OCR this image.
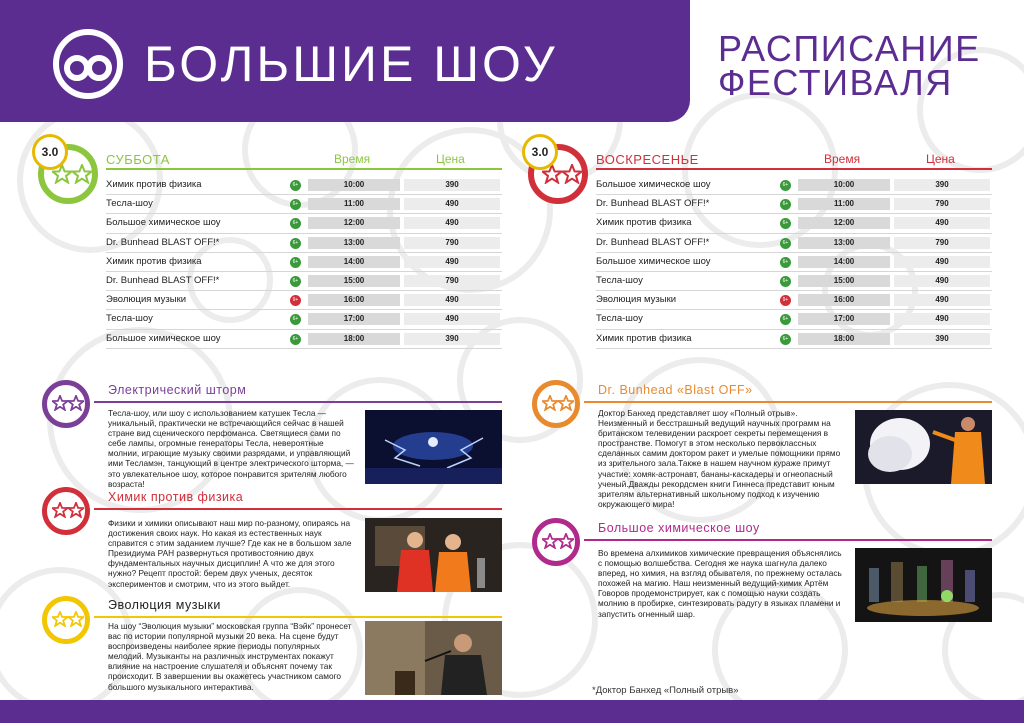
БОЛЬШИЕ ШОУ	РАСПИСАНИЕ
ФЕСТИВАЛЯ
3.0	СУББОТА	Время	Цена
Химик против физика	6+	10:00	390
Тесла-шоу	6+	11:00	490
Большое химическое шоу	6+	12:00	490
Dr. Bunhead BLAST OFF!*	6+	13:00	790
Химик против физика	6+	14:00	490
Dr. Bunhead BLAST OFF!*	6+	15:00	790
Эволюция музыки	9+	16:00	490
Тесла-шоу	6+	17:00	490
Большое химическое шоу	6+	18:00	390
3.0	ВОСКРЕСЕНЬЕ	Время	Цена
Большое химическое шоу	6+	10:00	390
Dr. Bunhead BLAST OFF!*	6+	11:00	790
Химик против физика	6+	12:00	490
Dr. Bunhead BLAST OFF!*	6+	13:00	790
Большое химическое шоу	6+	14:00	490
Тесла-шоу	6+	15:00	490
Эволюция музыки	9+	16:00	490
Тесла-шоу	6+	17:00	490
Химик против физика	6+	18:00	390
Электрический шторм
Тесла-шоу, или шоу с использованием катушек Тесла — уникальный, практически не встречающийся сейчас в нашей стране вид сценического перфоманса. Светящиеся сами по себе лампы, огромные генераторы Тесла, невероятные молнии, играющие музыку своими разрядами, и управляющий ими Тесламэн, танцующий в центре электрического шторма, — это увлекательное шоу, которое понравится зрителям любого возраста!
Химик против физика
Физики и химики описывают наш мир по-разному, опираясь на достижения своих наук. Но какая из естественных наук справится с этим заданием лучше? Где как не в большом зале Президиума РАН развернуться противостоянию двух фундаментальных научных дисциплин! А что же для этого нужно? Рецепт простой: берем двух ученых, десяток экспериментов и смотрим, что из этого выйдет.
Эволюция музыки
На шоу “Эволюция музыки” московская группа “Вэйк” пронесет вас по истории популярной музыки 20 века. На сцене будут воспроизведены наиболее яркие периоды популярных мелодий. Музыканты на различных инструментах покажут влияние на настроение слушателя и объяснят почему так происходит. В завершении вы окажетесь участником самого большого музыкального интерактива.
Dr. Bunhead «Blast OFF»
Доктор Банхед представляет шоу «Полный отрыв». Неизменный и бесстрашный ведущий научных программ на британском телевидении раскроет секреты перемещения в пространстве. Помогут в этом несколько первоклассных сделанных самим доктором ракет и умелые помощники прямо из зрительного зала.Также в нашем научном кураже примут участие: хомяк-астронавт, бананы-каскадеры и огнеопасный ученый.Дважды рекордсмен книги Гиннеса представит юным зрителям альтернативный школьному подход к изучению окружающего мира!
Большое химическое шоу
Во времена алхимиков химические превращения объяснялись с помощью волшебства. Сегодня же наука шагнула далеко вперед, но химия, на взгляд обывателя, по прежнему осталась похожей на магию. Наш неизменный ведущий-химик Артём Говоров продемонстрирует, как с помощью науки создать молнию в пробирке, синтезировать радугу в языках пламени и запустить огненный шар.
*Доктор Банхед «Полный отрыв»
